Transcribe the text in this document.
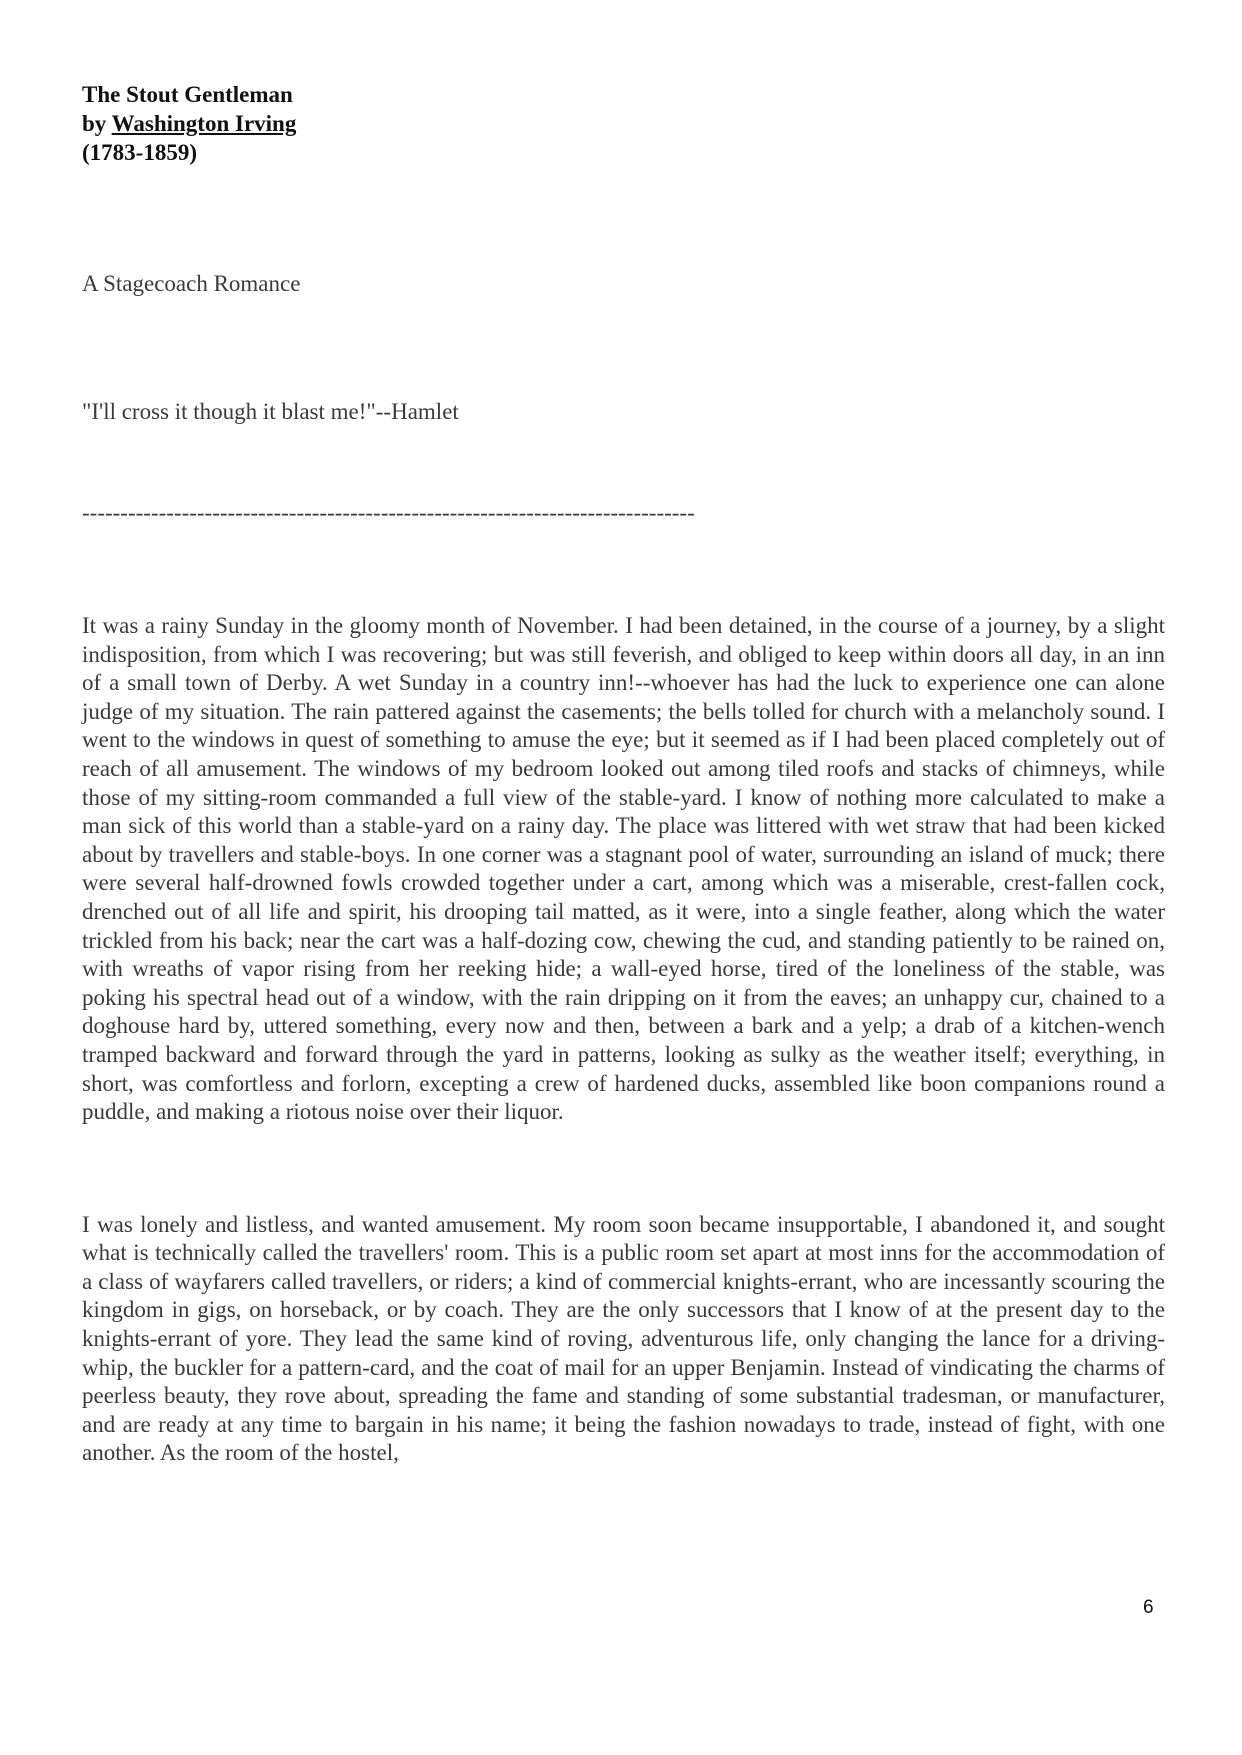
The Stout Gentleman
by Washington Irving
(1783-1859)
A Stagecoach Romance
"I'll cross it though it blast me!"--Hamlet
--------------------------------------------------------------------------------

It was a rainy Sunday in the gloomy month of November. I had been detained, in the course of a journey, by a slight indisposition, from which I was recovering; but was still feverish, and obliged to keep within doors all day, in an inn of a small town of Derby. A wet Sunday in a country inn!--whoever has had the luck to experience one can alone judge of my situation. The rain pattered against the casements; the bells tolled for church with a melancholy sound. I went to the windows in quest of something to amuse the eye; but it seemed as if I had been placed completely out of reach of all amusement. The windows of my bedroom looked out among tiled roofs and stacks of chimneys, while those of my sitting-room commanded a full view of the stable-yard. I know of nothing more calculated to make a man sick of this world than a stable-yard on a rainy day. The place was littered with wet straw that had been kicked about by travellers and stable-boys. In one corner was a stagnant pool of water, surrounding an island of muck; there were several half-drowned fowls crowded together under a cart, among which was a miserable, crest-fallen cock, drenched out of all life and spirit, his drooping tail matted, as it were, into a single feather, along which the water trickled from his back; near the cart was a half-dozing cow, chewing the cud, and standing patiently to be rained on, with wreaths of vapor rising from her reeking hide; a wall-eyed horse, tired of the loneliness of the stable, was poking his spectral head out of a window, with the rain dripping on it from the eaves; an unhappy cur, chained to a doghouse hard by, uttered something, every now and then, between a bark and a yelp; a drab of a kitchen-wench tramped backward and forward through the yard in patterns, looking as sulky as the weather itself; everything, in short, was comfortless and forlorn, excepting a crew of hardened ducks, assembled like boon companions round a puddle, and making a riotous noise over their liquor.

I was lonely and listless, and wanted amusement. My room soon became insupportable, I abandoned it, and sought what is technically called the travellers' room. This is a public room set apart at most inns for the accommodation of a class of wayfarers called travellers, or riders; a kind of commercial knights-errant, who are incessantly scouring the kingdom in gigs, on horseback, or by coach. They are the only successors that I know of at the present day to the knights-errant of yore. They lead the same kind of roving, adventurous life, only changing the lance for a driving-whip, the buckler for a pattern-card, and the coat of mail for an upper Benjamin. Instead of vindicating the charms of peerless beauty, they rove about, spreading the fame and standing of some substantial tradesman, or manufacturer, and are ready at any time to bargain in his name; it being the fashion nowadays to trade, instead of fight, with one another. As the room of the hostel,

6
